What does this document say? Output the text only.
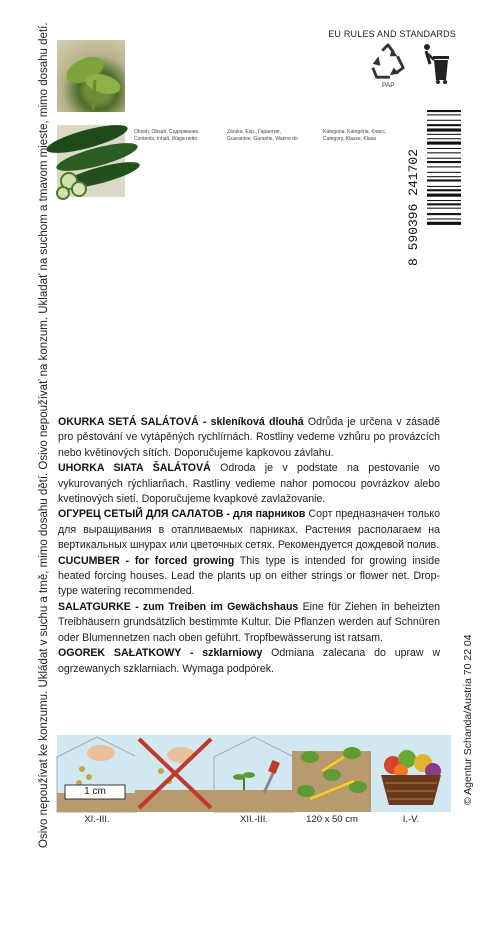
Osivo nepoužívat ke konzumu. Ukládat v suchu a tmě, mimo dosahu dětí. Osivo nepoužívať na konzum. Ukladať na suchom a tmavom mieste, mimo dosahu detí.	© Agentur Schanda/Austria 70 22 04
EU RULES AND STANDARDS
PAP
Obsah, Obsah, Содержание,
Contents, Inhalt, Waga netto
Záruka, Exp., Гарантия,
Guarantee, Garantie, Ważne do
Kategoria, Kategória, Класс,
Category, Klasse, Klasa
8 590396 241702

OKURKA SETÁ SALÁTOVÁ - skleníková dlouhá Odrůda je určena v zásadě pro pěstování ve vytápěných rychlírnách. Rostliny vedeme vzhůru po provázcích nebo květinových sítích. Doporučujeme kapkovou závlahu.

UHORKA SIATA ŠALÁTOVÁ Odroda je v podstate na pestovanie vo vykurovaných rýchliarňach. Rastliny vedieme nahor pomocou povrázkov alebo kvetinových sietí. Doporučujeme kvapkové zavlažovanie.

ОГУРЕЦ СЕТЫЙ ДЛЯ САЛАТОВ - для парников Сорт предназначен только для выращивания в отапливаемых парниках. Растения располагаем на вертикальных шнурах или цветочных сетях. Рекомендуется дождевой полив.

CUCUMBER - for forced growing This type is intended for growing inside heated forcing houses. Lead the plants up on either strings or flower net. Drop-type watering recommended.

SALATGURKE - zum Treiben im Gewächshaus Eine für Ziehen in beheizten Treibhäusern grundsätzlich bestimmte Kultur. Die Pflanzen werden auf Schnüren oder Blumennetzen nach oben geführt. Tropfbewässerung ist ratsam.

OGOREK SAŁATKOWY - szklarniowy Odmiana zalecana do upraw w ogrzewanych szklarniach. Wymaga podpórek.

1 cm
XI.-III.	XII.-III.	120 x 50 cm	I.-V.
